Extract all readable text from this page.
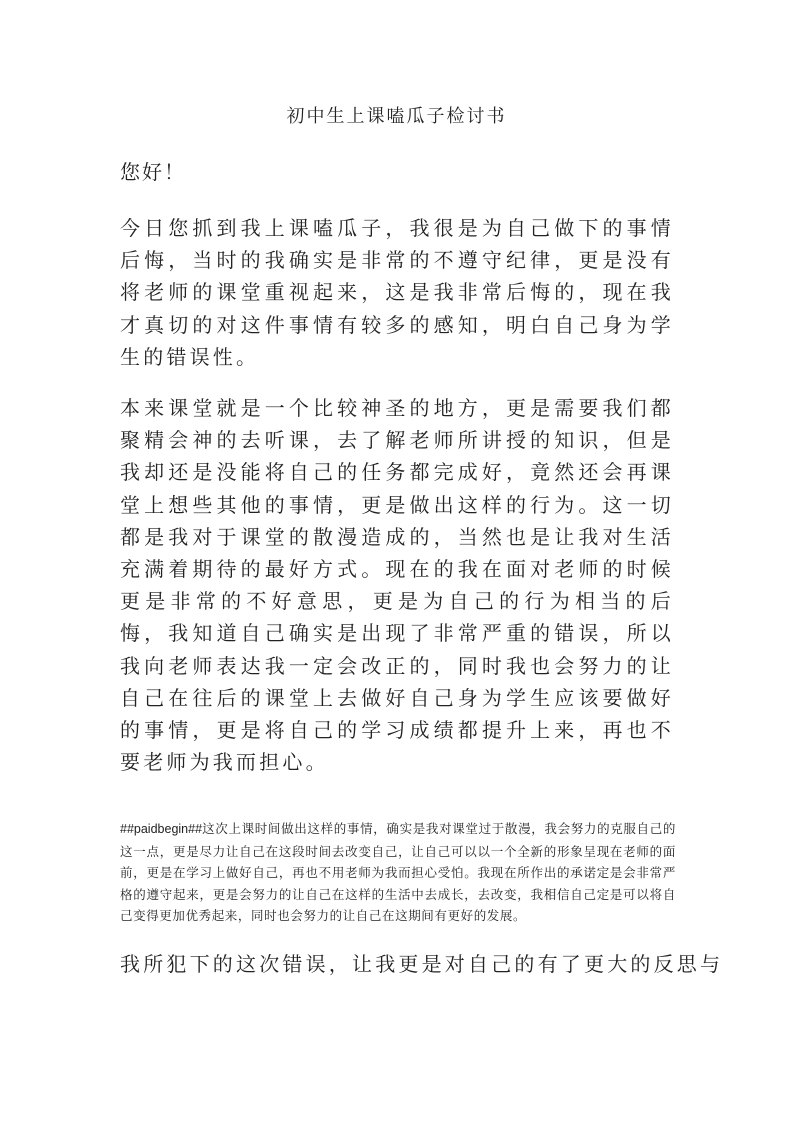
初中生上课嗑瓜子检讨书
您好！

今日您抓到我上课嗑瓜子，我很是为自己做下的事情后悔，当时的我确实是非常的不遵守纪律，更是没有将老师的课堂重视起来，这是我非常后悔的，现在我才真切的对这件事情有较多的感知，明白自己身为学生的错误性。

本来课堂就是一个比较神圣的地方，更是需要我们都聚精会神的去听课，去了解老师所讲授的知识，但是我却还是没能将自己的任务都完成好，竟然还会再课堂上想些其他的事情，更是做出这样的行为。这一切都是我对于课堂的散漫造成的，当然也是让我对生活充满着期待的最好方式。现在的我在面对老师的时候更是非常的不好意思，更是为自己的行为相当的后悔，我知道自己确实是出现了非常严重的错误，所以我向老师表达我一定会改正的，同时我也会努力的让自己在往后的课堂上去做好自己身为学生应该要做好的事情，更是将自己的学习成绩都提升上来，再也不要老师为我而担心。

##paidbegin##这次上课时间做出这样的事情，确实是我对课堂过于散漫，我会努力的克服自己的这一点，更是尽力让自己在这段时间去改变自己，让自己可以以一个全新的形象呈现在老师的面前，更是在学习上做好自己，再也不用老师为我而担心受怕。我现在所作出的承诺定是会非常严格的遵守起来，更是会努力的让自己在这样的生活中去成长，去改变，我相信自己定是可以将自己变得更加优秀起来，同时也会努力的让自己在这期间有更好的发展。

我所犯下的这次错误，让我更是对自己的有了更大的反思与
